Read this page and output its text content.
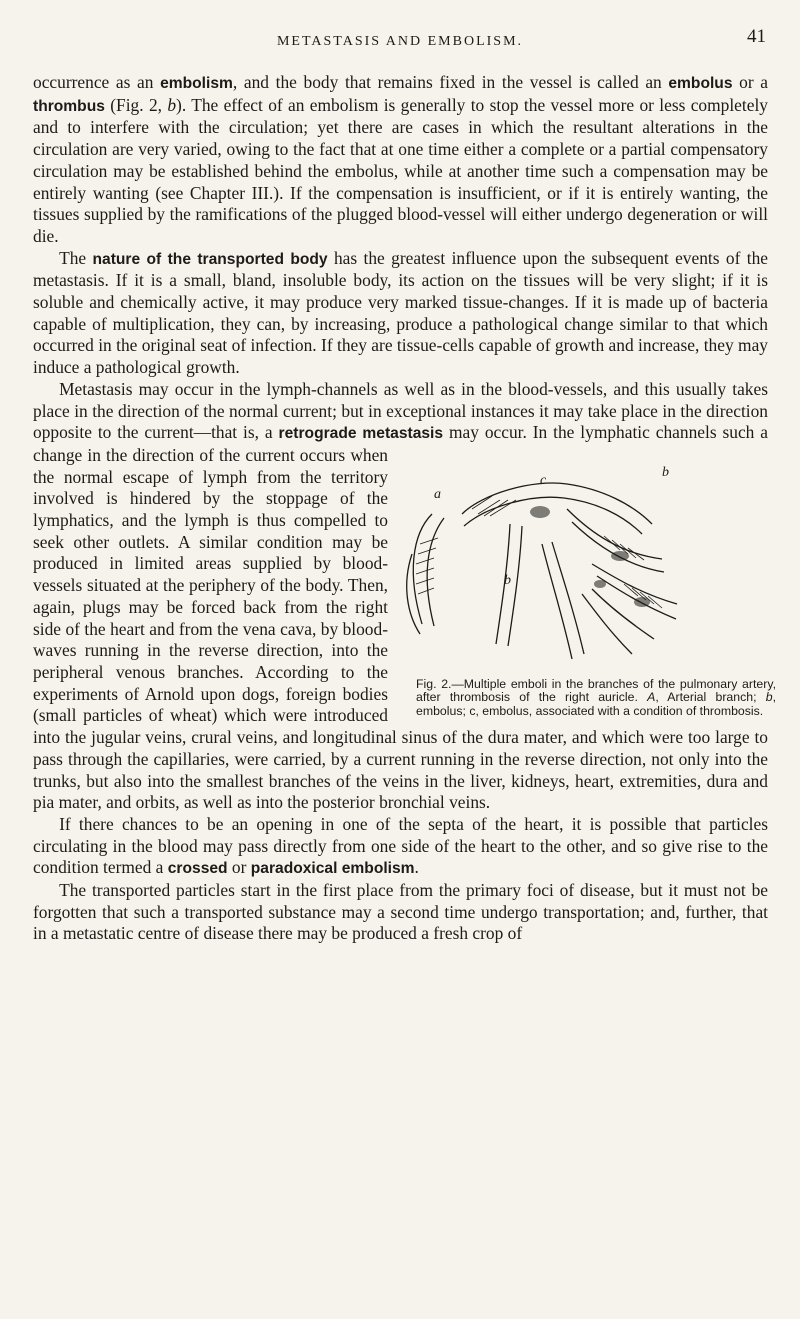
METASTASIS AND EMBOLISM.	41

occurrence as an embolism, and the body that remains fixed in the vessel is called an embolus or a thrombus (Fig. 2, b). The effect of an embolism is generally to stop the vessel more or less completely and to interfere with the circulation; yet there are cases in which the resultant alterations in the circulation are very varied, owing to the fact that at one time either a complete or a partial compensatory circulation may be established behind the embolus, while at another time such a compensation may be entirely wanting (see Chapter III.). If the compensation is insufficient, or if it is entirely wanting, the tissues supplied by the ramifications of the plugged blood-vessel will either undergo degeneration or will die.

a
b
c
b
Fig. 2.—Multiple emboli in the branches of the pulmonary artery, after thrombosis of the right auricle. A, Arterial branch; b, embolus; c, embolus, associated with a condition of thrombosis.

The nature of the transported body has the greatest influence upon the subsequent events of the metastasis. If it is a small, bland, insoluble body, its action on the tissues will be very slight; if it is soluble and chemically active, it may produce very marked tissue-changes. If it is made up of bacteria capable of multiplication, they can, by increasing, produce a pathological change similar to that which occurred in the original seat of infection. If they are tissue-cells capable of growth and increase, they may induce a pathological growth.

Metastasis may occur in the lymph-channels as well as in the blood-vessels, and this usually takes place in the direction of the normal current; but in exceptional instances it may take place in the direction opposite to the current—that is, a retrograde metastasis may occur. In the lymphatic channels such a change in the direction of the current occurs when the normal escape of lymph from the territory involved is hindered by the stoppage of the lymphatics, and the lymph is thus compelled to seek other outlets. A similar condition may be produced in limited areas supplied by blood-vessels situated at the periphery of the body. Then, again, plugs may be forced back from the right side of the heart and from the vena cava, by blood-waves running in the reverse direction, into the peripheral venous branches. According to the experiments of Arnold upon dogs, foreign bodies (small particles of wheat) which were introduced into the jugular veins, crural veins, and longitudinal sinus of the dura mater, and which were too large to pass through the capillaries, were carried, by a current running in the reverse direction, not only into the trunks, but also into the smallest branches of the veins in the liver, kidneys, heart, extremities, dura and pia mater, and orbits, as well as into the posterior bronchial veins.

If there chances to be an opening in one of the septa of the heart, it is possible that particles circulating in the blood may pass directly from one side of the heart to the other, and so give rise to the condition termed a crossed or paradoxical embolism.

The transported particles start in the first place from the primary foci of disease, but it must not be forgotten that such a transported substance may a second time undergo transportation; and, further, that in a metastatic centre of disease there may be produced a fresh crop of
